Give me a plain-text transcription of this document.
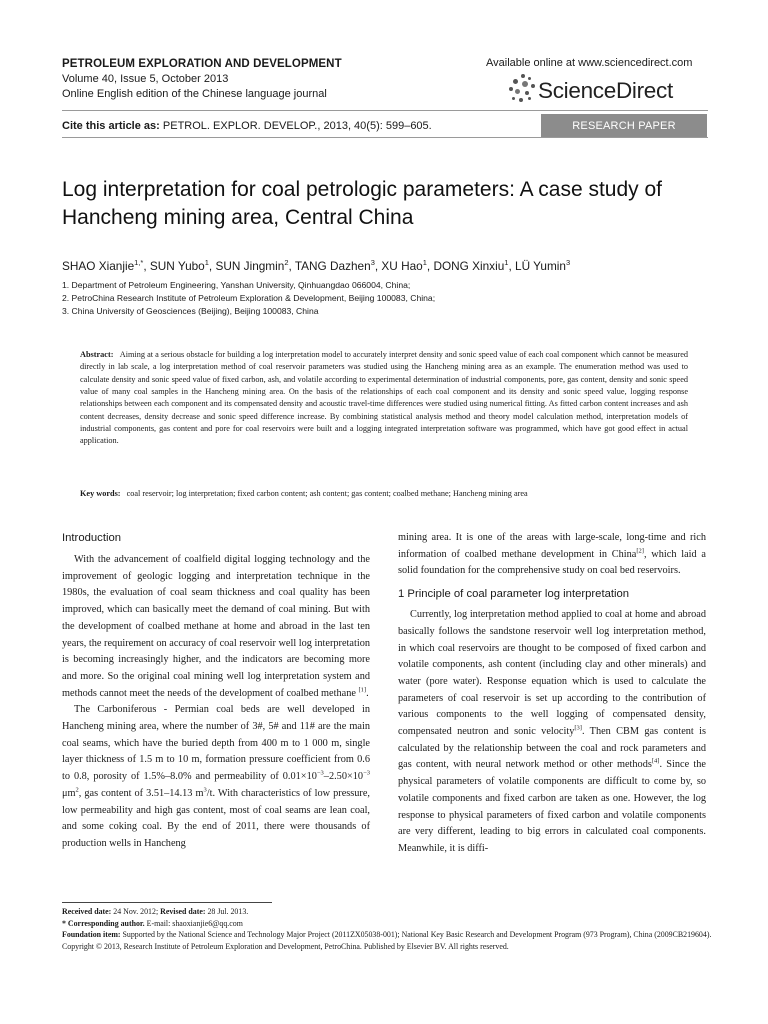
PETROLEUM EXPLORATION AND DEVELOPMENT
Volume 40, Issue 5, October 2013
Online English edition of the Chinese language journal
Available online at www.sciencedirect.com
ScienceDirect
Cite this article as: PETROL. EXPLOR. DEVELOP., 2013, 40(5): 599–605.	RESEARCH PAPER
Log interpretation for coal petrologic parameters: A case study of Hancheng mining area, Central China
SHAO Xianjie$^{1,*}$, SUN Yubo$^1$, SUN Jingmin$^2$, TANG Dazhen$^3$, XU Hao$^1$, DONG Xinxiu$^1$, LÜ Yumin$^3$
1. Department of Petroleum Engineering, Yanshan University, Qinhuangdao 066004, China;
2. PetroChina Research Institute of Petroleum Exploration & Development, Beijing 100083, China;
3. China University of Geosciences (Beijing), Beijing 100083, China
Abstract: Aiming at a serious obstacle for building a log interpretation model to accurately interpret density and sonic speed value of each coal component which cannot be measured directly in lab scale, a log interpretation method of coal reservoir parameters was studied using the Hancheng mining area as an example. The enumeration method was used to calculate density and sonic speed value of fixed carbon, ash, and volatile according to experimental determination of industrial components, pore, gas content, density and sonic speed value of many coal samples in the Hancheng mining area. On the basis of the relationships of each coal component and its density and sonic speed value, logging response relationships between each component and its compensated density and acoustic travel-time differences were studied using numerical fitting. As fitted carbon content increases and ash content decreases, density decrease and sonic speed difference increase. By combining statistical analysis method and theory model calculation method, interpretation models of industrial components, gas content and pore for coal reservoirs were built and a logging integrated interpretation software was programmed, which have got good effect in actual application.
Key words: coal reservoir; log interpretation; fixed carbon content; ash content; gas content; coalbed methane; Hancheng mining area
Introduction

With the advancement of coalfield digital logging technology and the improvement of geologic logging and interpretation technique in the 1980s, the evaluation of coal seam thickness and coal quality has been improved, which can basically meet the demand of coal mining. But with the development of coalbed methane at home and abroad in the last ten years, the requirement on accuracy of coal reservoir well log interpretation is becoming increasingly higher, and the indicators are becoming more and more. So the original coal mining well log interpretation system and methods cannot meet the needs of the development of coalbed methane [1].

The Carboniferous - Permian coal beds are well developed in Hancheng mining area, where the number of 3#, 5# and 11# are the main coal seams, which have the buried depth from 400 m to 1 000 m, single layer thickness of 1.5 m to 10 m, formation pressure coefficient from 0.6 to 0.8, porosity of 1.5%–8.0% and permeability of $0.01\times 10^{-3}-2.50\times 10^{-3}$ $\mu m^2$, gas content of 3.51–14.13 $m^3/t$. With characteristics of low pressure, low permeability and high gas content, most of coal seams are lean coal, and some coking coal. By the end of 2011, there were thousands of production wells in Hancheng

mining area. It is one of the areas with large-scale, long-time and rich information of coalbed methane development in China[2], which laid a solid foundation for the comprehensive study on coal bed reservoirs.

1 Principle of coal parameter log interpretation

Currently, log interpretation method applied to coal at home and abroad basically follows the sandstone reservoir well log interpretation method, in which coal reservoirs are thought to be composed of fixed carbon and volatile components, ash content (including clay and other minerals) and water (pore water). Response equation which is used to calculate the parameters of coal reservoir is set up according to the contribution of various components to the well logging of compensated density, compensated neutron and sonic velocity[3]. Then CBM gas content is calculated by the relationship between the coal and rock parameters and gas content, with neural network method or other methods[4]. Since the physical parameters of volatile components are difficult to come by, so volatile components and fixed carbon are taken as one. However, the log response to physical parameters of fixed carbon and volatile components are very different, leading to big errors in calculated coal components. Meanwhile, it is diffi-

Received date: 24 Nov. 2012; Revised date: 28 Jul. 2013.
* Corresponding author. E-mail: shaoxianjie6@qq.com
Foundation item: Supported by the National Science and Technology Major Project (2011ZX05038-001); National Key Basic Research and Development Program (973 Program), China (2009CB219604).
Copyright © 2013, Research Institute of Petroleum Exploration and Development, PetroChina. Published by Elsevier BV. All rights reserved.
